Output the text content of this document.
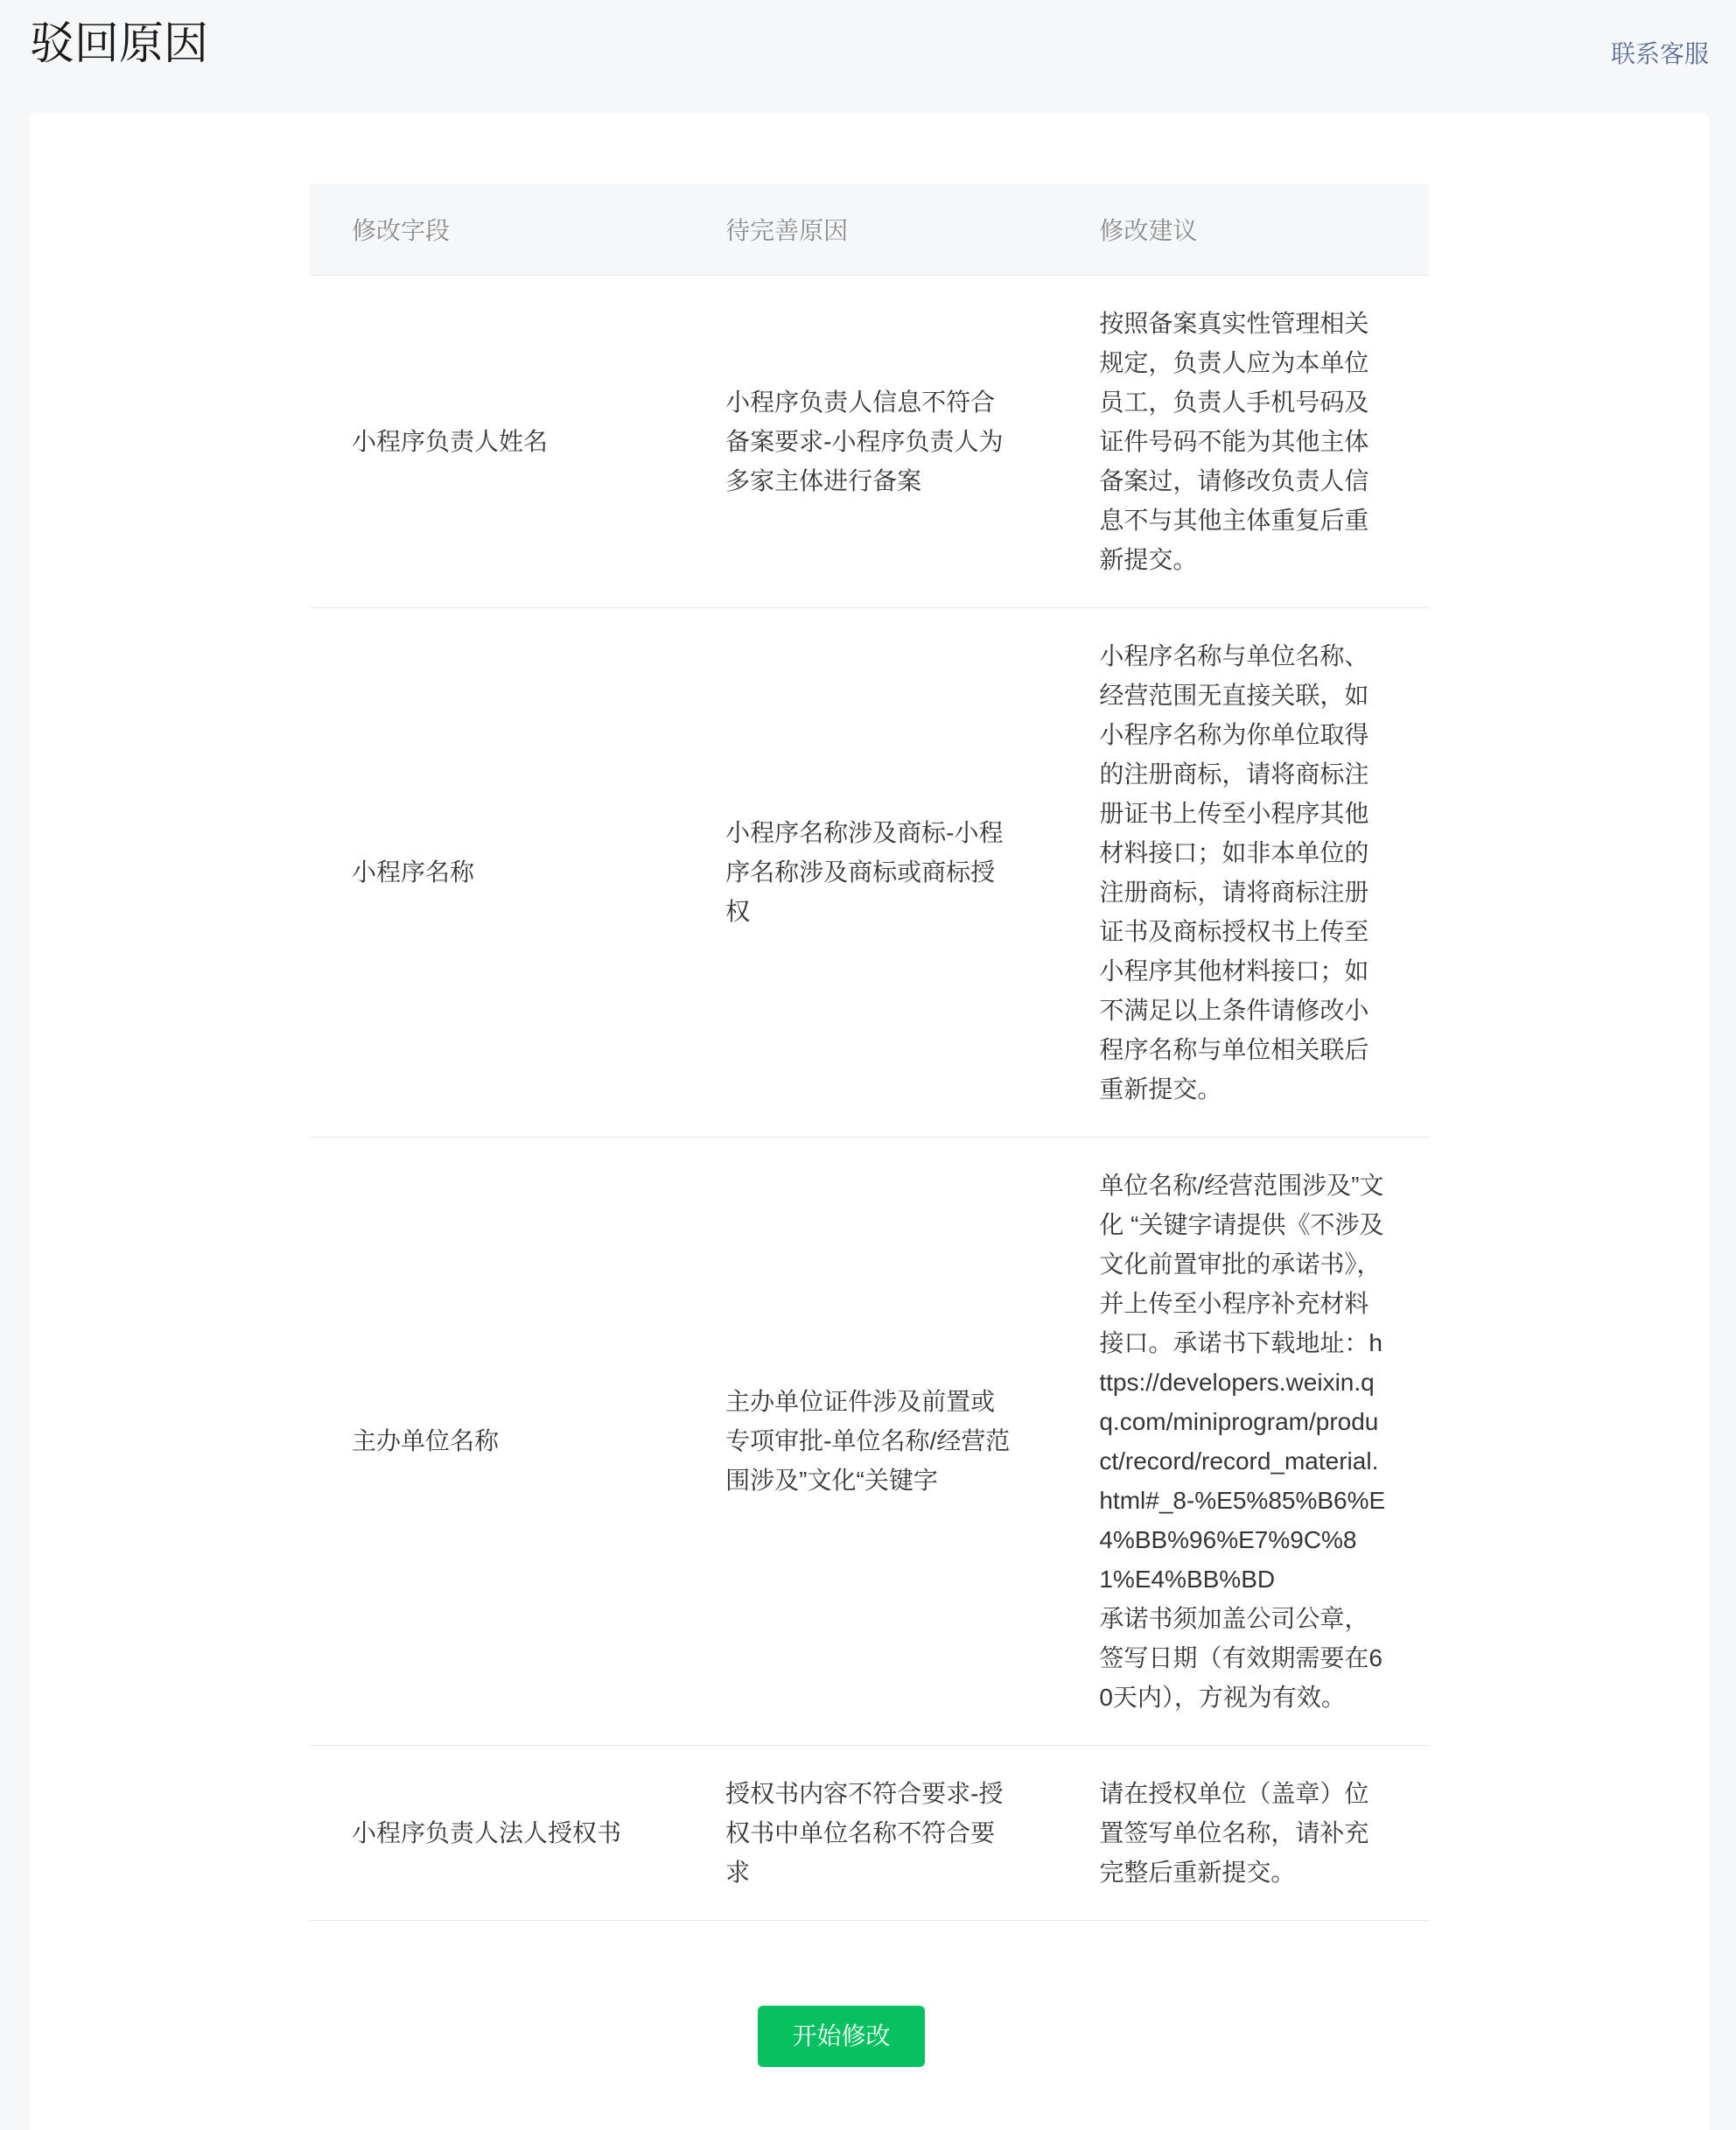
驳回原因	联系客服
修改字段	待完善原因	修改建议
小程序负责人姓名	小程序负责人信息不符合备案要求-小程序负责人为多家主体进行备案	按照备案真实性管理相关规定，负责人应为本单位员工，负责人手机号码及证件号码不能为其他主体备案过，请修改负责人信息不与其他主体重复后重新提交。
小程序名称	小程序名称涉及商标-小程序名称涉及商标或商标授权	小程序名称与单位名称、经营范围无直接关联，如小程序名称为你单位取得的注册商标，请将商标注册证书上传至小程序其他材料接口；如非本单位的注册商标，请将商标注册证书及商标授权书上传至小程序其他材料接口；如不满足以上条件请修改小程序名称与单位相关联后重新提交。
主办单位名称	主办单位证件涉及前置或专项审批-单位名称/经营范围涉及”文化“关键字	单位名称/经营范围涉及”文化 “关键字请提供《不涉及文化前置审批的承诺书》，并上传至小程序补充材料接口。承诺书下载地址：https://developers.weixin.qq.com/miniprogram/product/record/record_material.html#_8-%E5%85%B6%E4%BB%96%E7%9C%81%E4%BB%BD
承诺书须加盖公司公章， 签写日期（有效期需要在60天内），方视为有效。
小程序负责人法人授权书	授权书内容不符合要求-授权书中单位名称不符合要求	请在授权单位（盖章）位置签写单位名称，请补充完整后重新提交。
开始修改
